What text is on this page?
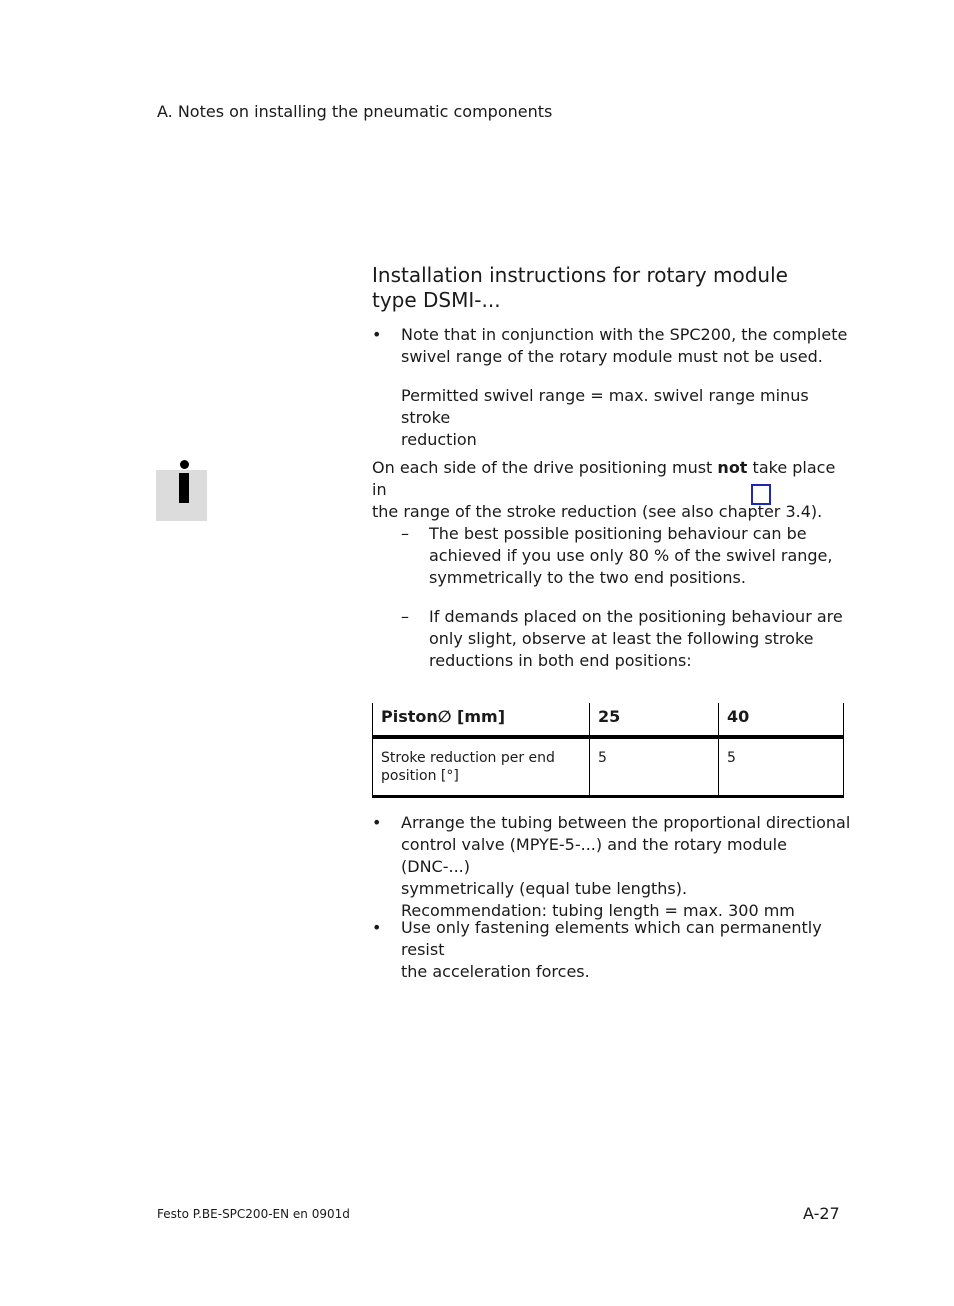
A. Notes on installing the pneumatic components
Installation instructions for rotary module
type DSMI-...
•	Note that in conjunction with the SPC200, the complete
swivel range of the rotary module must not be used.
Permitted swivel range = max. swivel range minus stroke
reduction
On each side of the drive positioning must not take place in
the range of the stroke reduction (see also chapter 3.4).
–	The best possible positioning behaviour can be
achieved if you use only 80 % of the swivel range,
symmetrically to the two end positions.
–	If demands placed on the positioning behaviour are
only slight, observe at least the following stroke
reductions in both end positions:
Piston∅ [mm]	25	40

Stroke reduction per end
position [°]	5	5
•	Arrange the tubing between the proportional directional
control valve (MPYE-5-...) and the rotary module (DNC-...)
symmetrically (equal tube lengths).
Recommendation: tubing length = max. 300 mm
•	Use only fastening elements which can permanently resist
the acceleration forces.
Festo P.BE-SPC200-EN en 0901d	A-27
